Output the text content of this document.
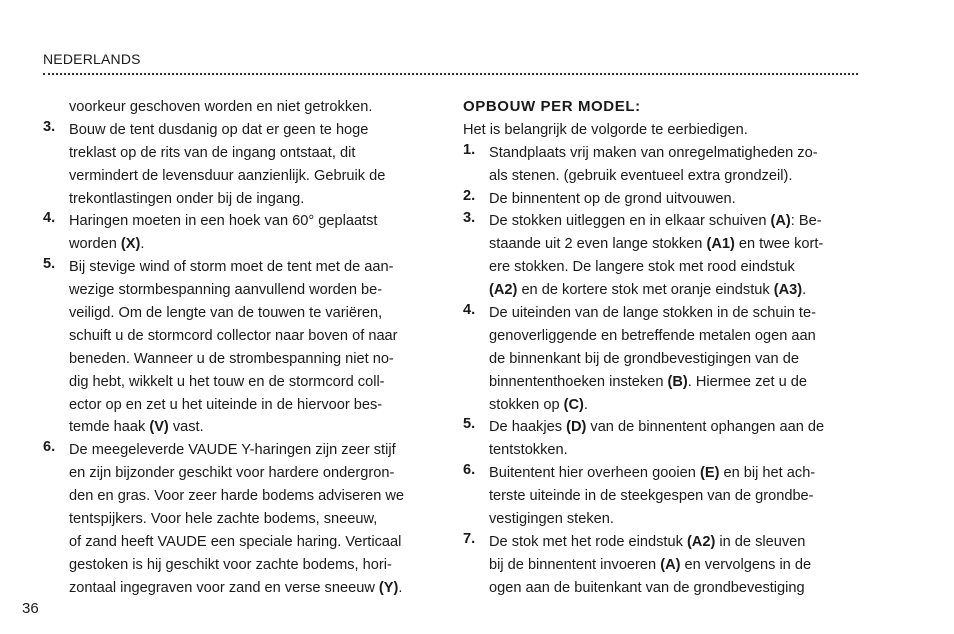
NEDERLANDS
voorkeur geschoven worden en niet getrokken.
3. Bouw de tent dusdanig op dat er geen te hoge
treklast op de rits van de ingang ontstaat, dit
vermindert de levensduur aanzienlijk. Gebruik de
trekontlastingen onder bij de ingang.
4. Haringen moeten in een hoek van 60° geplaatst
worden (X).
5. Bij stevige wind of storm moet de tent met de aan-
wezige stormbespanning aanvullend worden be-
veiligd. Om de lengte van de touwen te variëren,
schuift u de stormcord collector naar boven of naar
beneden. Wanneer u de strombespanning niet no-
dig hebt, wikkelt u het touw en de stormcord coll-
ector op en zet u het uiteinde in de hiervoor bes-
temde haak (V) vast.
6. De meegeleverde VAUDE Y-haringen zijn zeer stijf
en zijn bijzonder geschikt voor hardere ondergron-
den en gras. Voor zeer harde bodems adviseren we
tentspijkers. Voor hele zachte bodems, sneeuw,
of zand heeft VAUDE een speciale haring. Verticaal
gestoken is hij geschikt voor zachte bodems, hori-
zontaal ingegraven voor zand en verse sneeuw (Y).
OPBOUW PER MODEL:
Het is belangrijk de volgorde te eerbiedigen.
1. Standplaats vrij maken van onregelmatigheden zo-
als stenen. (gebruik eventueel extra grondzeil).
2. De binnentent op de grond uitvouwen.
3. De stokken uitleggen en in elkaar schuiven (A): Be-
staande uit 2 even lange stokken (A1) en twee kort-
ere stokken. De langere stok met rood eindstuk
(A2) en de kortere stok met oranje eindstuk (A3).
4. De uiteinden van de lange stokken in de schuin te-
genoverliggende en betreffende metalen ogen aan
de binnenkant bij de grondbevestigingen van de
binnententhoeken insteken (B). Hiermee zet u de
stokken op (C).
5. De haakjes (D) van de binnentent ophangen aan de
tentstokken.
6. Buitentent hier overheen gooien (E) en bij het ach-
terste uiteinde in de steekgespen van de grondbe-
vestigingen steken.
7. De stok met het rode eindstuk (A2) in de sleuven
bij de binnentent invoeren (A) en vervolgens in de
ogen aan de buitenkant van de grondbevestiging
36
